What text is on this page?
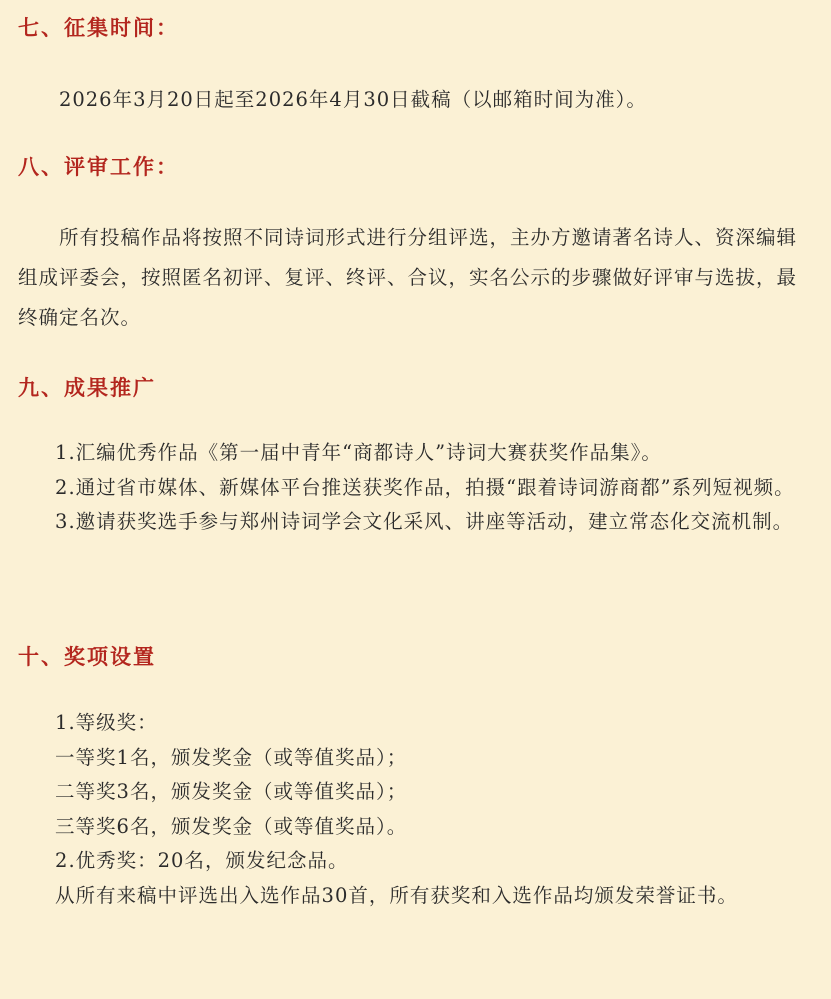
七、征集时间：

2026年3月20日起至2026年4月30日截稿（以邮箱时间为准）。

八、评审工作：

所有投稿作品将按照不同诗词形式进行分组评选，主办方邀请著名诗人、资深编辑组成评委会，按照匿名初评、复评、终评、合议，实名公示的步骤做好评审与选拔，最终确定名次。

九、成果推广
1.汇编优秀作品《第一届中青年“商都诗人”诗词大赛获奖作品集》。
2.通过省市媒体、新媒体平台推送获奖作品，拍摄“跟着诗词游商都”系列短视频。
3.邀请获奖选手参与郑州诗词学会文化采风、讲座等活动，建立常态化交流机制。
十、奖项设置
1.等级奖：
一等奖1名，颁发奖金（或等值奖品）；
二等奖3名，颁发奖金（或等值奖品）；
三等奖6名，颁发奖金（或等值奖品）。
2.优秀奖：20名，颁发纪念品。
从所有来稿中评选出入选作品30首，所有获奖和入选作品均颁发荣誉证书。
